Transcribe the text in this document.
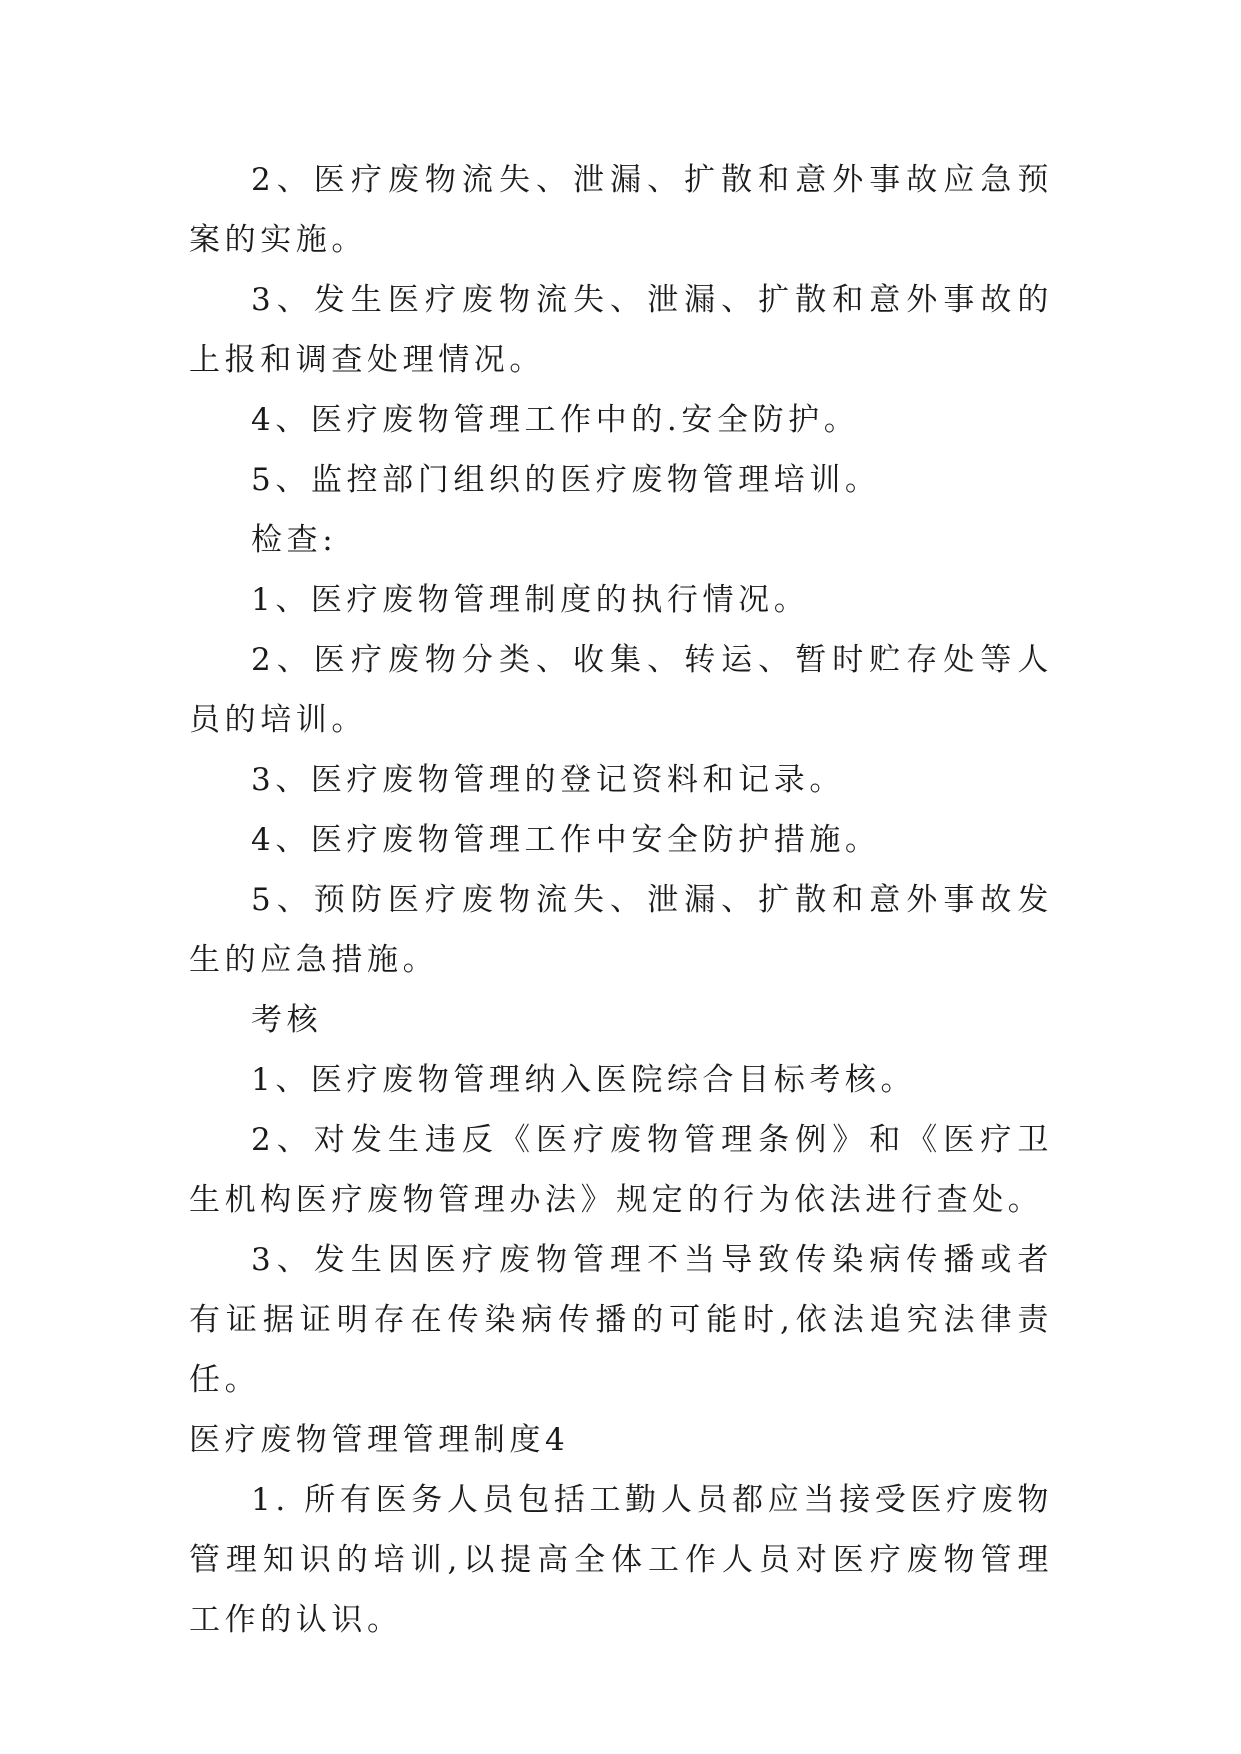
2、医疗废物流失、泄漏、扩散和意外事故应急预案的实施。

3、发生医疗废物流失、泄漏、扩散和意外事故的上报和调查处理情况。

4、医疗废物管理工作中的.安全防护。

5、监控部门组织的医疗废物管理培训。

检查:

1、医疗废物管理制度的执行情况。

2、医疗废物分类、收集、转运、暂时贮存处等人员的培训。

3、医疗废物管理的登记资料和记录。

4、医疗废物管理工作中安全防护措施。

5、预防医疗废物流失、泄漏、扩散和意外事故发生的应急措施。

考核

1、医疗废物管理纳入医院综合目标考核。

2、对发生违反《医疗废物管理条例》和《医疗卫生机构医疗废物管理办法》规定的行为依法进行查处。

3、发生因医疗废物管理不当导致传染病传播或者有证据证明存在传染病传播的可能时,依法追究法律责任。

医疗废物管理管理制度4

1. 所有医务人员包括工勤人员都应当接受医疗废物管理知识的培训,以提高全体工作人员对医疗废物管理工作的认识。
